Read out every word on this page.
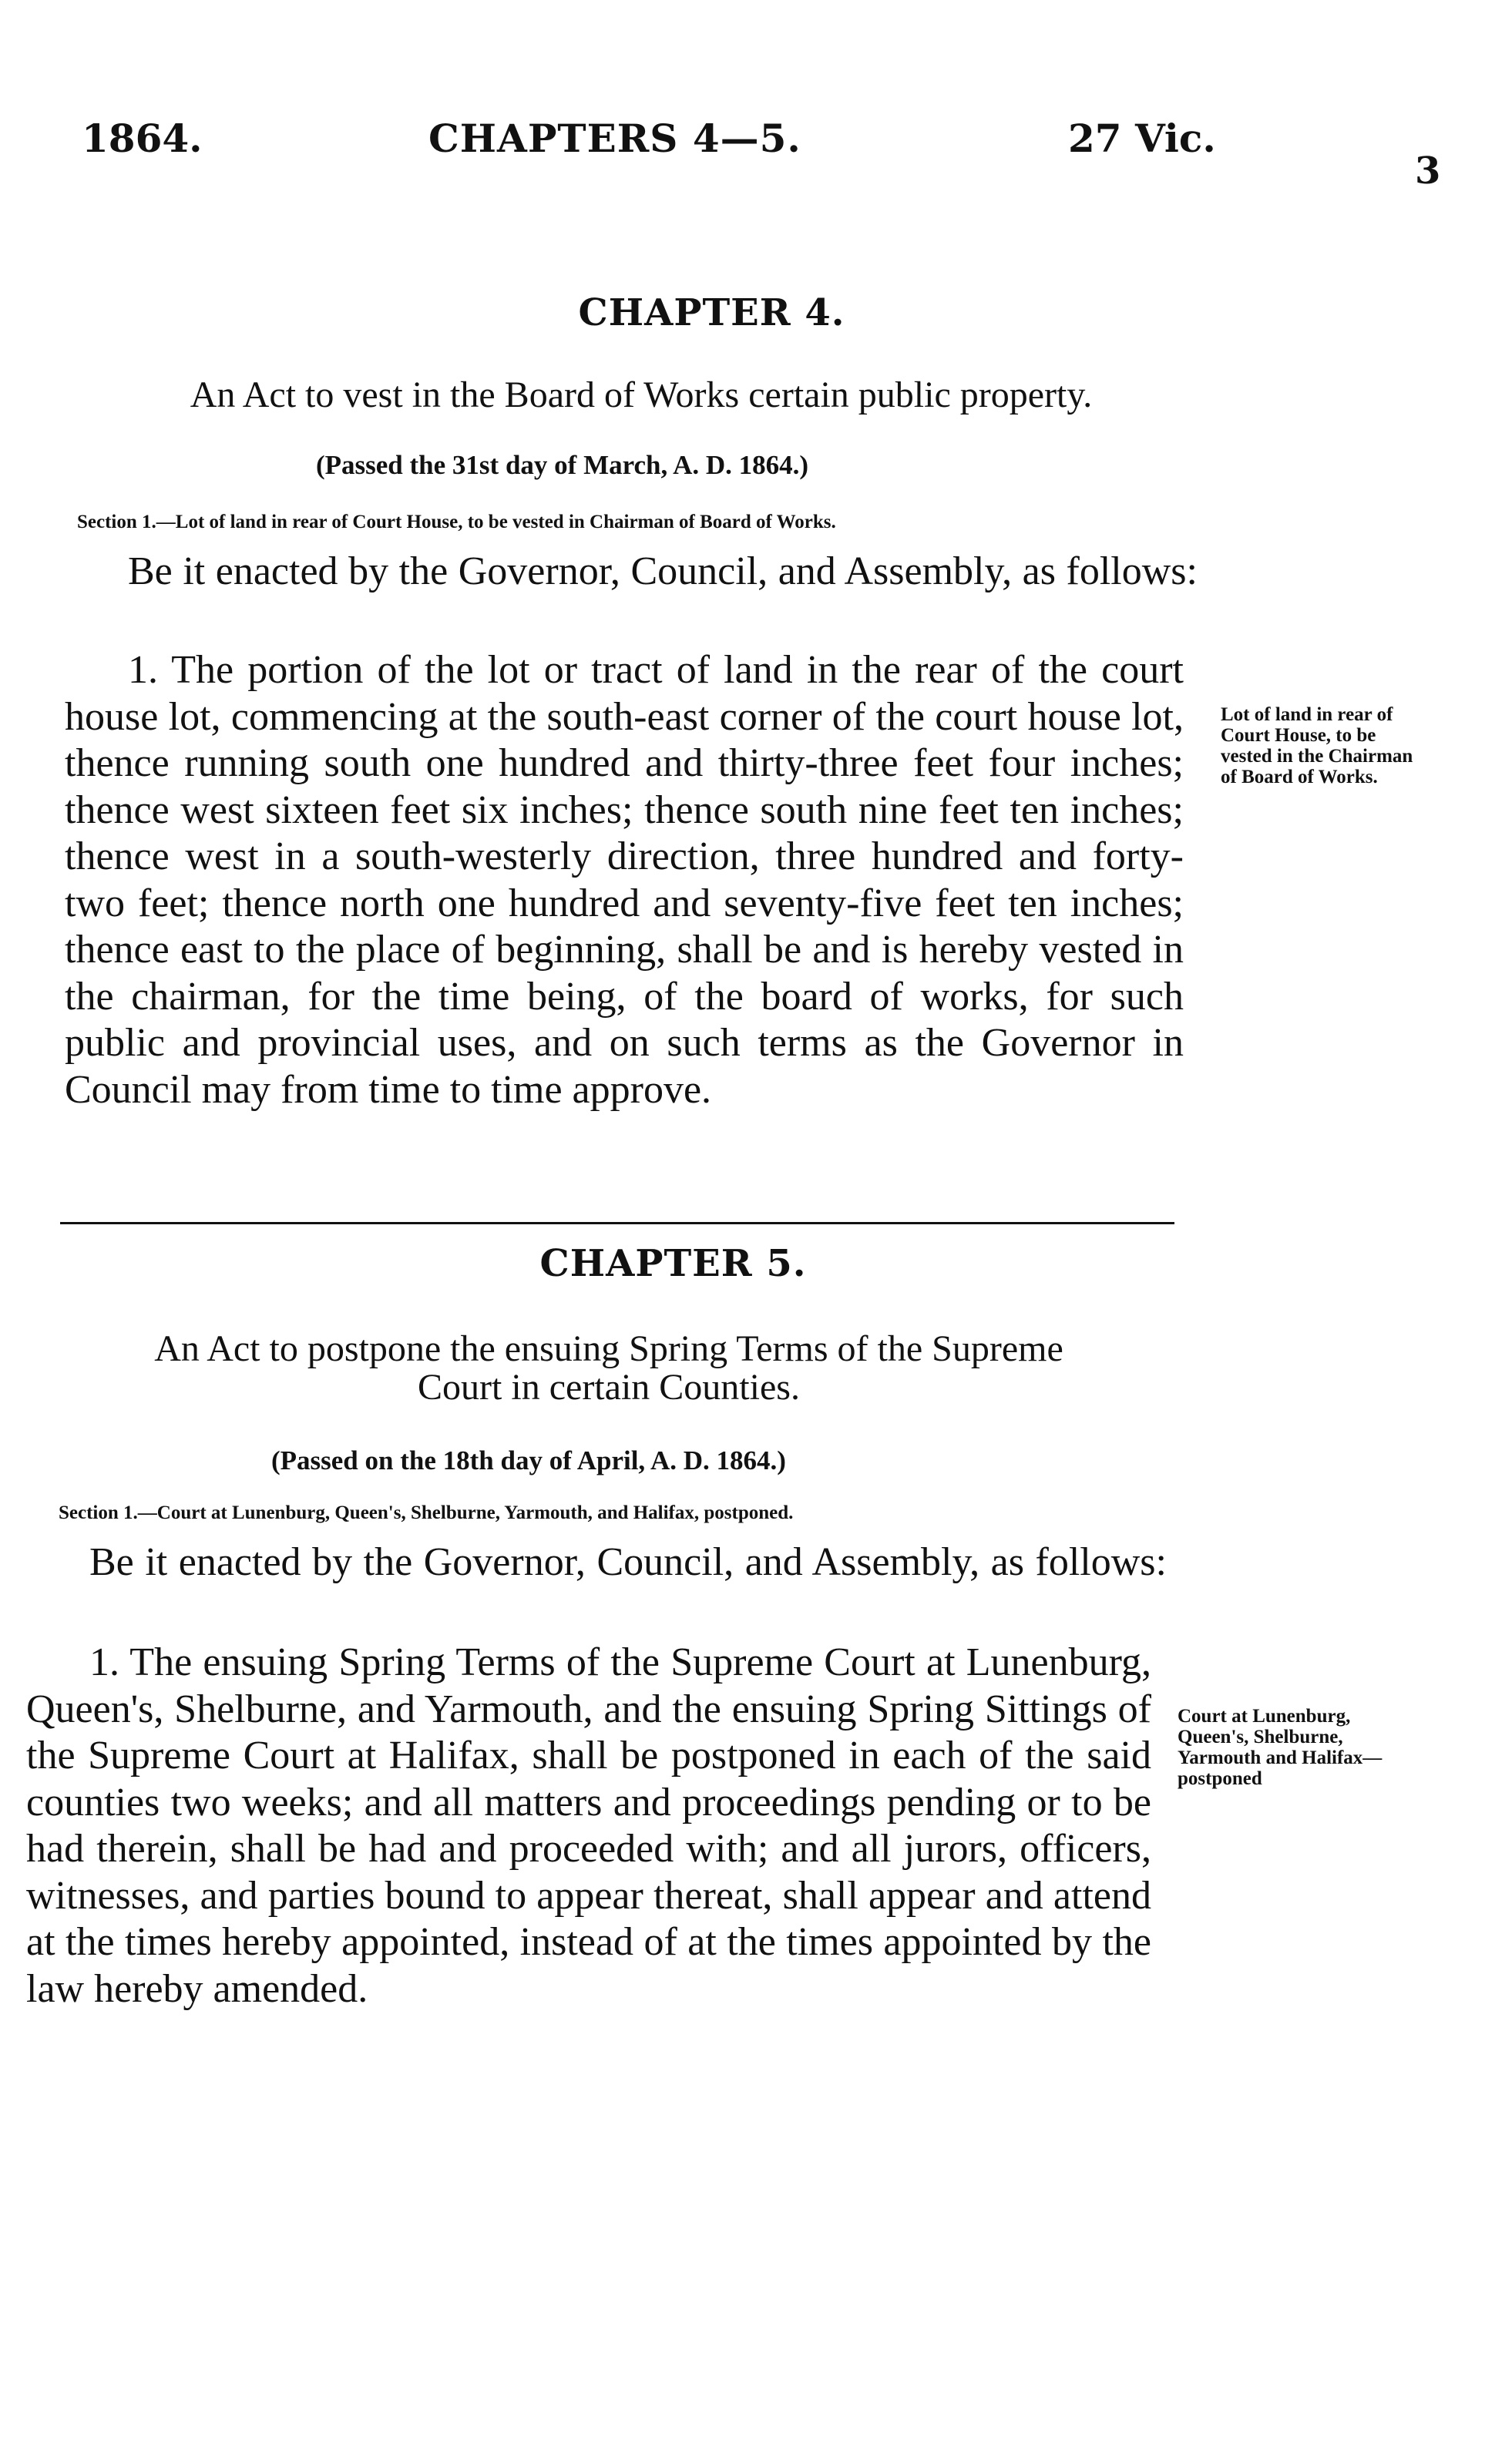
1864.	CHAPTERS 4—5.	27 Vic.
3
CHAPTER 4.
An Act to vest in the Board of Works certain public property.
(Passed the 31st day of March, A. D. 1864.)
Section 1.—Lot of land in rear of Court House, to be vested in Chairman of Board of Works.
Be it enacted by the Governor, Council, and Assembly, as follows:
1. The portion of the lot or tract of land in the rear of the court house lot, commencing at the south-east corner of the court house lot, thence running south one hundred and thirty-three feet four inches; thence west sixteen feet six inches; thence south nine feet ten inches; thence west in a south-westerly direction, three hundred and forty-two feet; thence north one hundred and seventy-five feet ten inches; thence east to the place of beginning, shall be and is hereby vested in the chairman, for the time being, of the board of works, for such public and provincial uses, and on such terms as the Governor in Council may from time to time approve.
Lot of land in rear of Court House, to be vested in the Chairman of Board of Works.
CHAPTER 5.
An Act to postpone the ensuing Spring Terms of the Supreme
Court in certain Counties.
(Passed on the 18th day of April, A. D. 1864.)
Section 1.—Court at Lunenburg, Queen's, Shelburne, Yarmouth, and Halifax, postponed.
Be it enacted by the Governor, Council, and Assembly, as follows:
1. The ensuing Spring Terms of the Supreme Court at Lunenburg, Queen's, Shelburne, and Yarmouth, and the ensuing Spring Sittings of the Supreme Court at Halifax, shall be postponed in each of the said counties two weeks; and all matters and proceedings pending or to be had therein, shall be had and proceeded with; and all jurors, officers, witnesses, and parties bound to appear thereat, shall appear and attend at the times hereby appointed, instead of at the times appointed by the law hereby amended.
Court at Lunenburg, Queen's, Shelburne, Yarmouth and Halifax—postponed
